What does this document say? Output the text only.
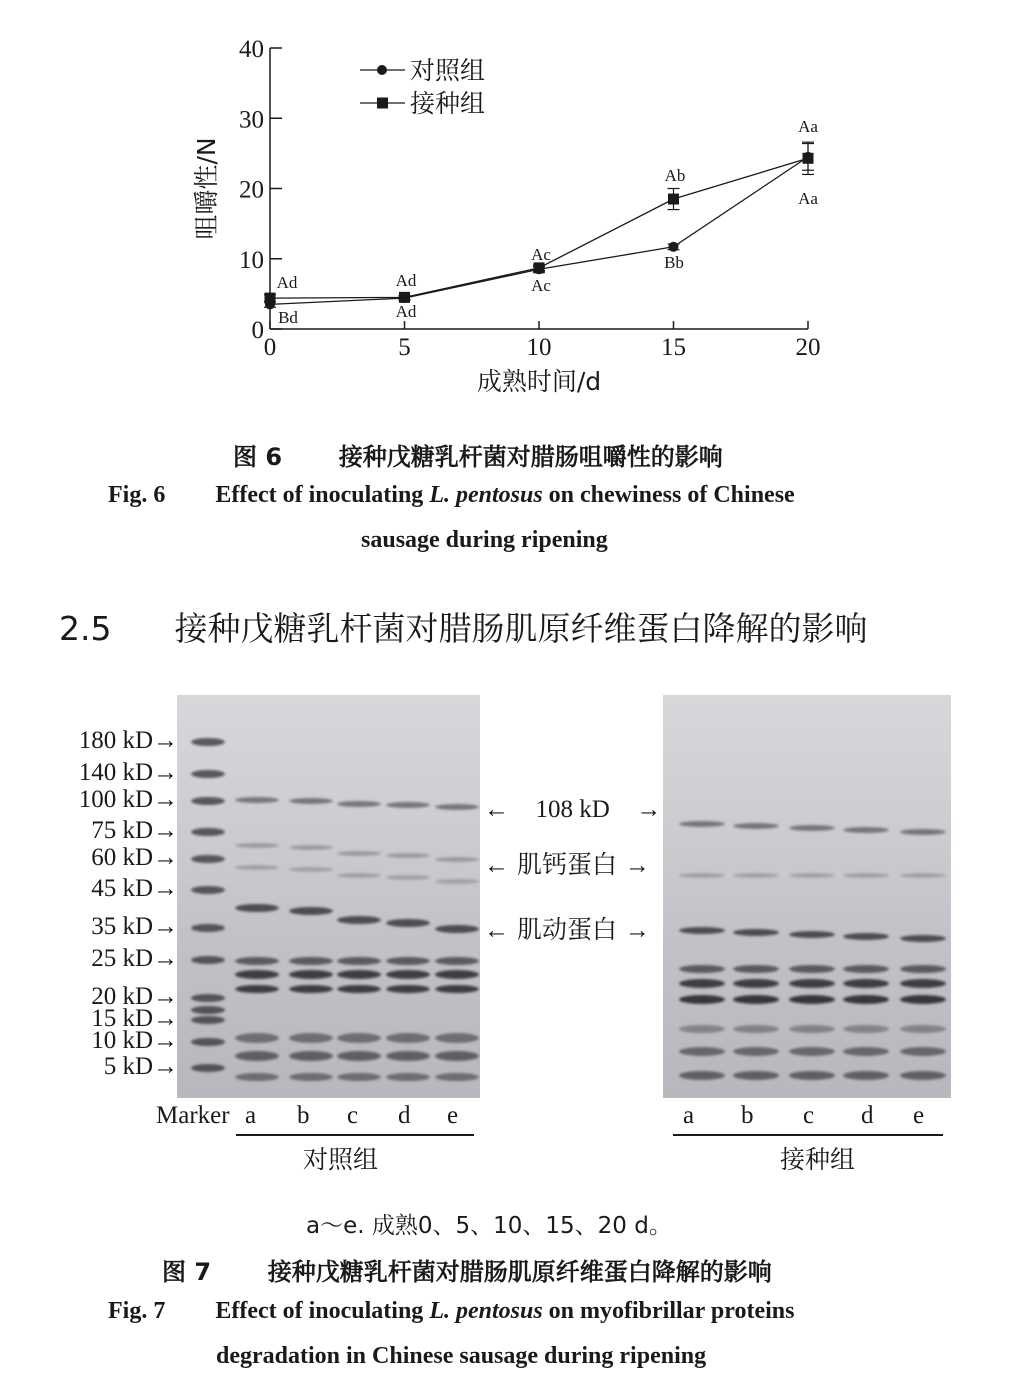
0	5	10	15	20
0
10
20
30
40
成熟时间/d
咀嚼性/N
对照组
接种组
Ad
Bd
Ad
Ad
Ac
Ac
Ab
Bb
Aa
Aa
图 6 接种戊糖乳杆菌对腊肠咀嚼性的影响
Fig. 6 Effect of inoculating L. pentosus on chewiness of Chinese
sausage during ripening
2.5 接种戊糖乳杆菌对腊肠肌原纤维蛋白降解的影响
180 kD→
140 kD→
100 kD→
75 kD→
60 kD→
45 kD→
35 kD→
25 kD→
20 kD→
15 kD→
10 kD→
5 kD→
← 108 kD →
← 肌钙蛋白 →
← 肌动蛋白 →
Marker a b c d e	a b c d e
对照组	接种组
a～e. 成熟0、5、10、15、20 d。
图 7 接种戊糖乳杆菌对腊肠肌原纤维蛋白降解的影响
Fig. 7 Effect of inoculating L. pentosus on myofibrillar proteins
degradation in Chinese sausage during ripening
